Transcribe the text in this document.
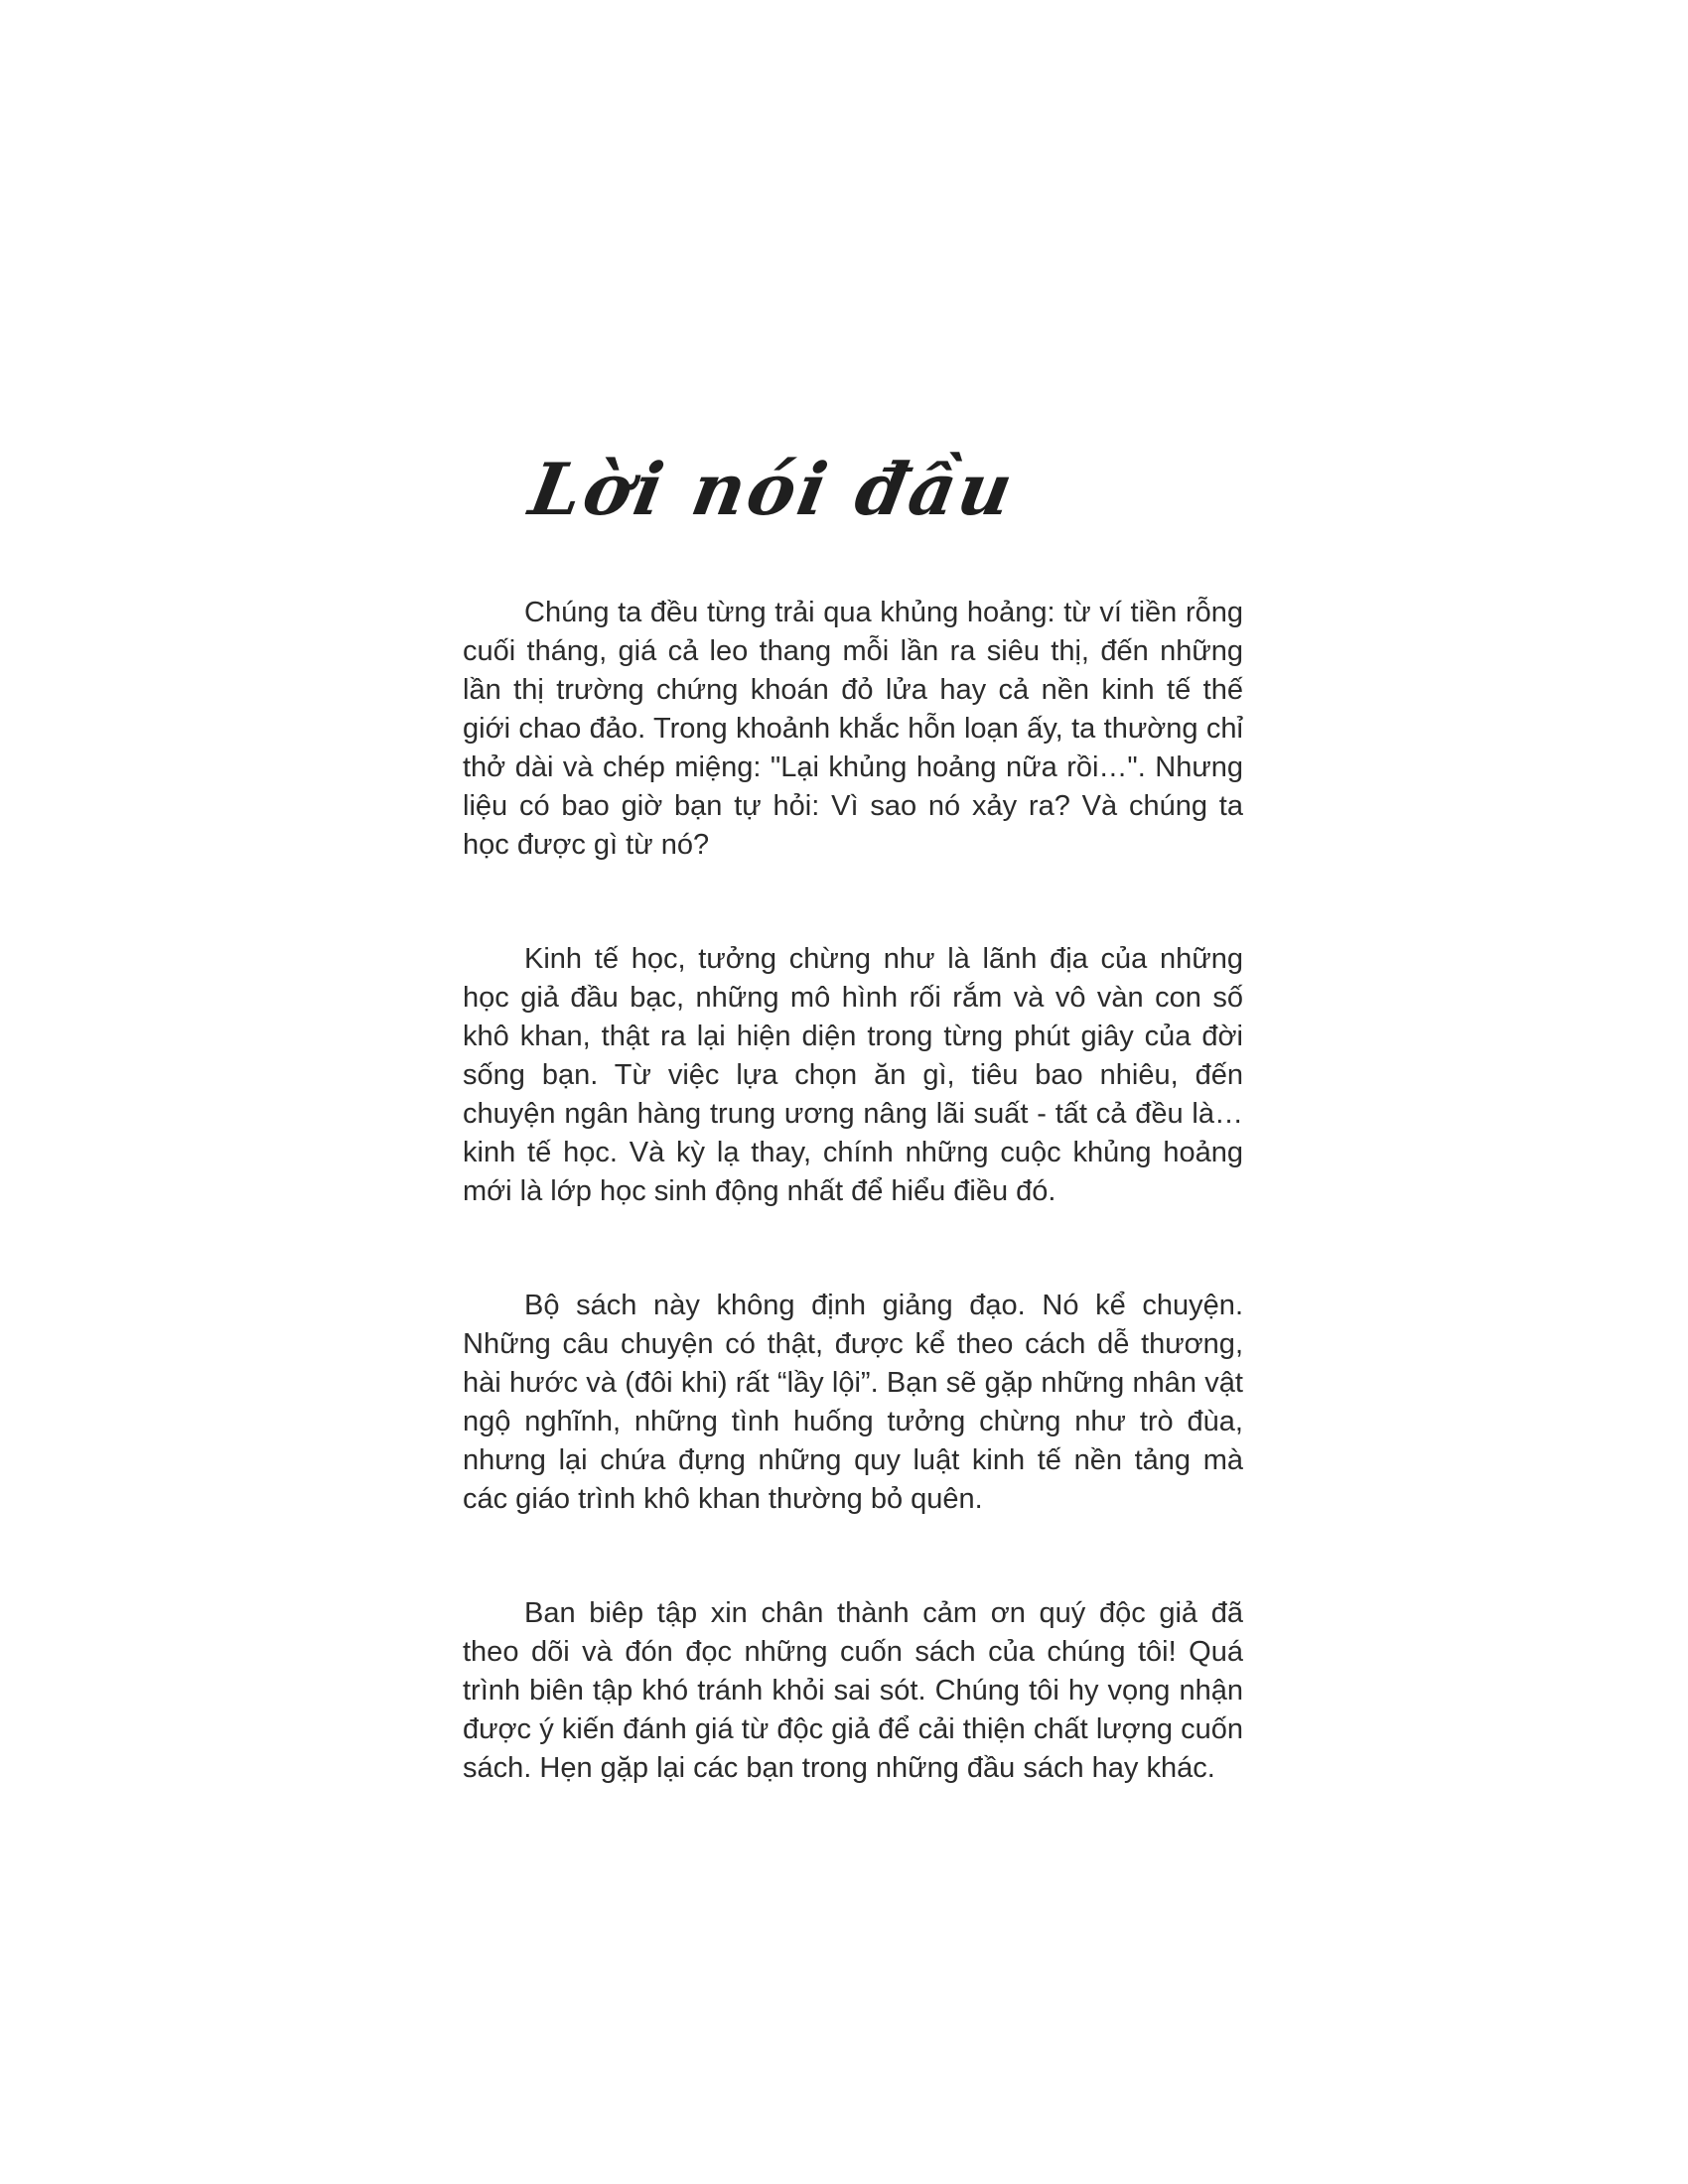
Lời nói đầu

Chúng ta đều từng trải qua khủng hoảng: từ ví tiền rỗng cuối tháng, giá cả leo thang mỗi lần ra siêu thị, đến những lần thị trường chứng khoán đỏ lửa hay cả nền kinh tế thế giới chao đảo. Trong khoảnh khắc hỗn loạn ấy, ta thường chỉ thở dài và chép miệng: "Lại khủng hoảng nữa rồi…". Nhưng liệu có bao giờ bạn tự hỏi: Vì sao nó xảy ra? Và chúng ta học được gì từ nó?

Kinh tế học, tưởng chừng như là lãnh địa của những học giả đầu bạc, những mô hình rối rắm và vô vàn con số khô khan, thật ra lại hiện diện trong từng phút giây của đời sống bạn. Từ việc lựa chọn ăn gì, tiêu bao nhiêu, đến chuyện ngân hàng trung ương nâng lãi suất - tất cả đều là… kinh tế học. Và kỳ lạ thay, chính những cuộc khủng hoảng mới là lớp học sinh động nhất để hiểu điều đó.

Bộ sách này không định giảng đạo. Nó kể chuyện. Những câu chuyện có thật, được kể theo cách dễ thương, hài hước và (đôi khi) rất “lầy lội”. Bạn sẽ gặp những nhân vật ngộ nghĩnh, những tình huống tưởng chừng như trò đùa, nhưng lại chứa đựng những quy luật kinh tế nền tảng mà các giáo trình khô khan thường bỏ quên.

Ban biêp tập xin chân thành cảm ơn quý độc giả đã theo dõi và đón đọc những cuốn sách của chúng tôi! Quá trình biên tập khó tránh khỏi sai sót. Chúng tôi hy vọng nhận được ý kiến đánh giá từ độc giả để cải thiện chất lượng cuốn sách. Hẹn gặp lại các bạn trong những đầu sách hay khác.
